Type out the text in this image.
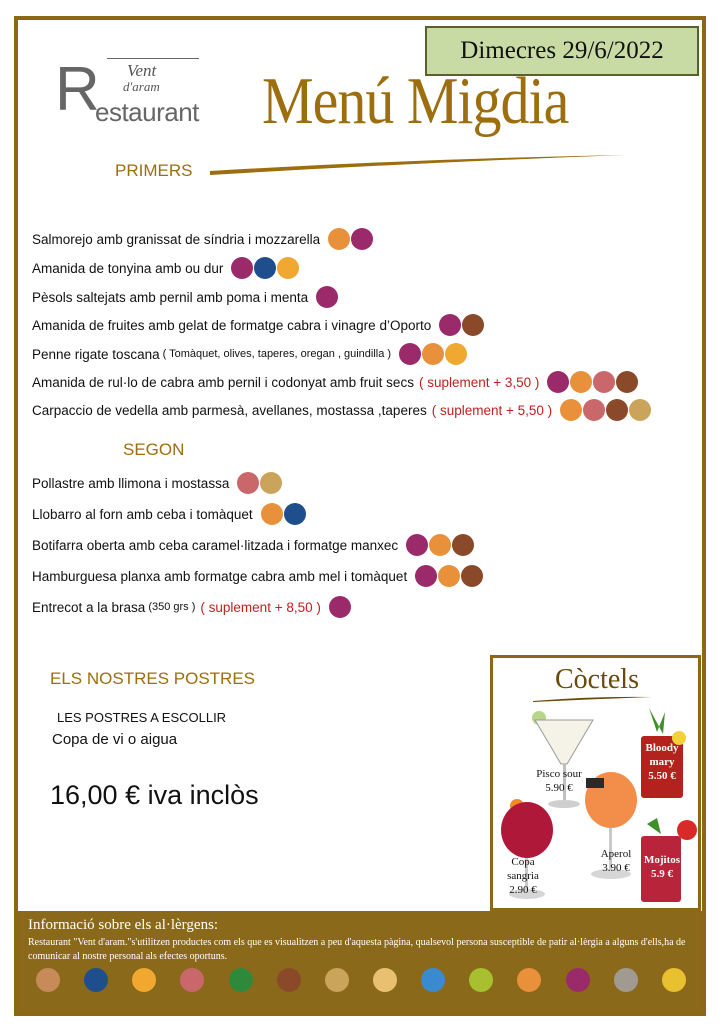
Dimecres 29/6/2022
R Vent
d'aram
estaurant Menú Migdia
PRIMERS
Salmorejo amb granissat de síndria i mozzarella
Amanida de tonyina amb ou dur
Pèsols saltejats amb pernil amb poma i menta
Amanida de fruites amb gelat de formatge cabra i vinagre d’Oporto
Penne rigate toscana ( Tomàquet, olives, taperes, oregan , guindilla )
Amanida de rul·lo de cabra amb pernil i codonyat amb fruit secs ( suplement + 3,50 )
Carpaccio de vedella amb parmesà, avellanes, mostassa ,taperes ( suplement + 5,50 )
SEGON
Pollastre amb llimona i mostassa
Llobarro al forn amb ceba i tomàquet
Botifarra oberta amb ceba caramel·litzada i formatge manxec
Hamburguesa planxa amb formatge cabra amb mel i tomàquet
Entrecot a la brasa (350 grs ) ( suplement + 8,50 )
ELS NOSTRES POSTRES
LES POSTRES A ESCOLLIR
Copa de vi o aigua
16,00 € iva inclòs
Còctels
Pisco sour
5.90 €
Bloody mary
5.50 €
Aperol
3.90 €
Copa sangria
2.90 €
Mojitos
5.9 €
Informació sobre els al·lèrgens:
Restaurant "Vent d'aram."s'utilitzen productes com els que es visualitzen a peu d'aquesta pàgina, qualsevol persona susceptible de patir al·lèrgia a alguns d'ells,ha de comunicar al nostre personal als efectes oportuns.
